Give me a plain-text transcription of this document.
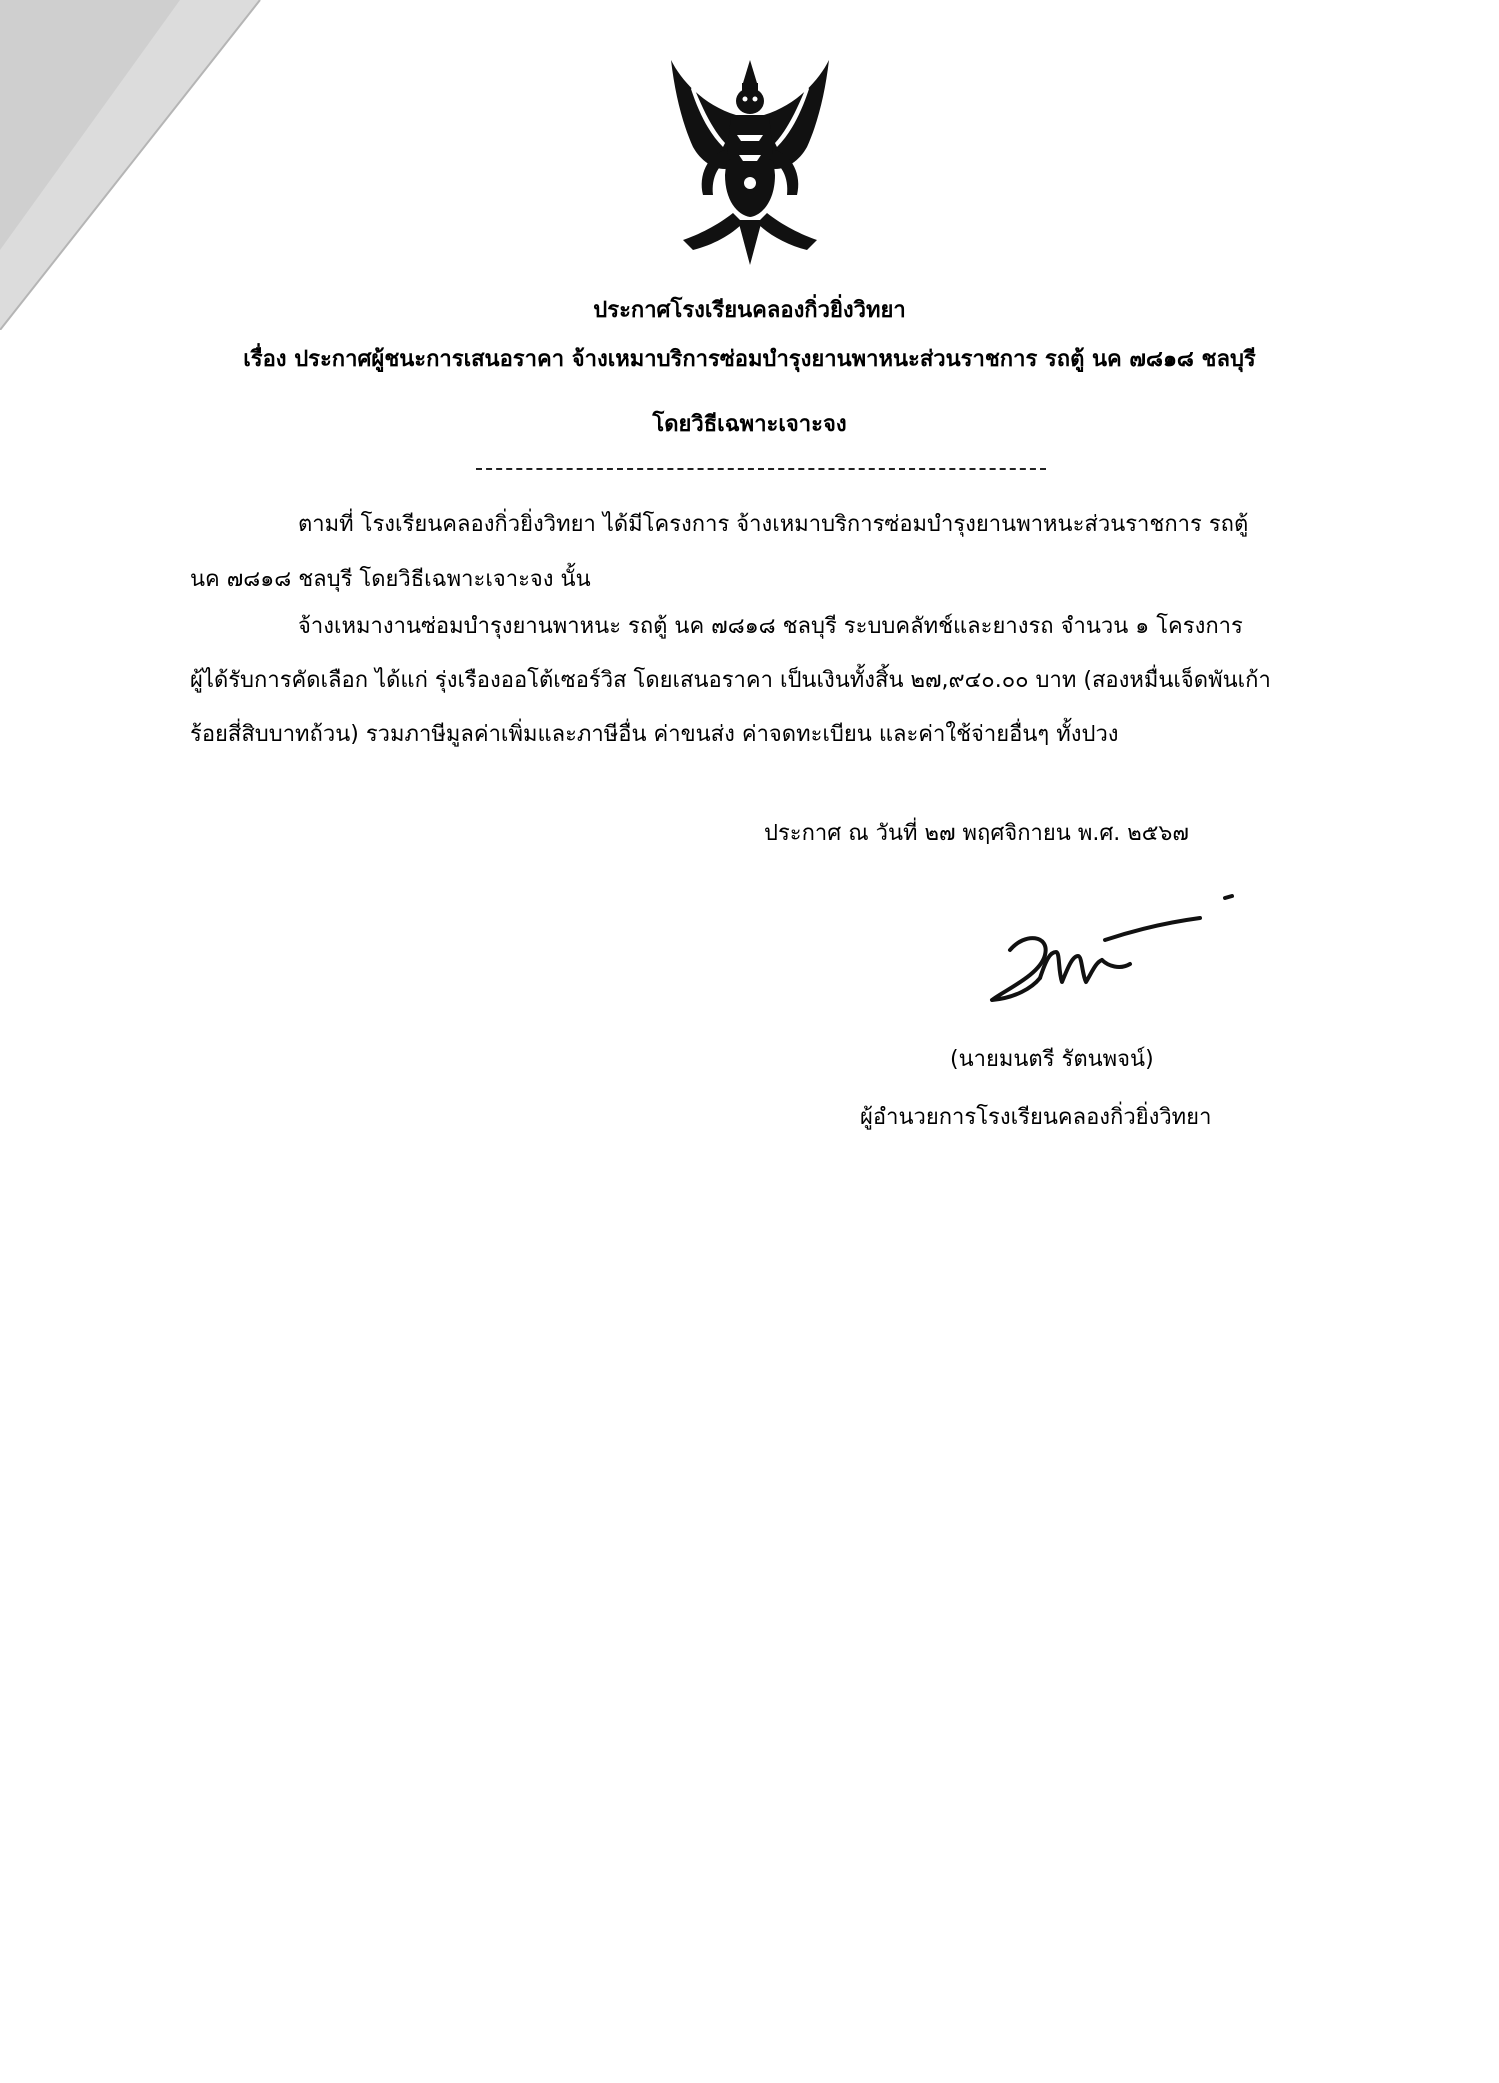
ประกาศโรงเรียนคลองกิ่วยิ่งวิทยา
เรื่อง ประกาศผู้ชนะการเสนอราคา จ้างเหมาบริการซ่อมบำรุงยานพาหนะส่วนราชการ รถตู้ นค ๗๘๑๘ ชลบุรี
โดยวิธีเฉพาะเจาะจง
ตามที่ โรงเรียนคลองกิ่วยิ่งวิทยา ได้มีโครงการ จ้างเหมาบริการซ่อมบำรุงยานพาหนะส่วนราชการ รถตู้
นค ๗๘๑๘ ชลบุรี โดยวิธีเฉพาะเจาะจง นั้น
จ้างเหมางานซ่อมบำรุงยานพาหนะ รถตู้ นค ๗๘๑๘ ชลบุรี ระบบคลัทช์และยางรถ จำนวน ๑ โครงการ
ผู้ได้รับการคัดเลือก ได้แก่ รุ่งเรืองออโต้เซอร์วิส โดยเสนอราคา เป็นเงินทั้งสิ้น ๒๗,๙๔๐.๐๐ บาท (สองหมื่นเจ็ดพันเก้า
ร้อยสี่สิบบาทถ้วน) รวมภาษีมูลค่าเพิ่มและภาษีอื่น ค่าขนส่ง ค่าจดทะเบียน และค่าใช้จ่ายอื่นๆ ทั้งปวง
ประกาศ ณ วันที่ ๒๗ พฤศจิกายน พ.ศ. ๒๕๖๗
(นายมนตรี รัตนพจน์)
ผู้อำนวยการโรงเรียนคลองกิ่วยิ่งวิทยา
